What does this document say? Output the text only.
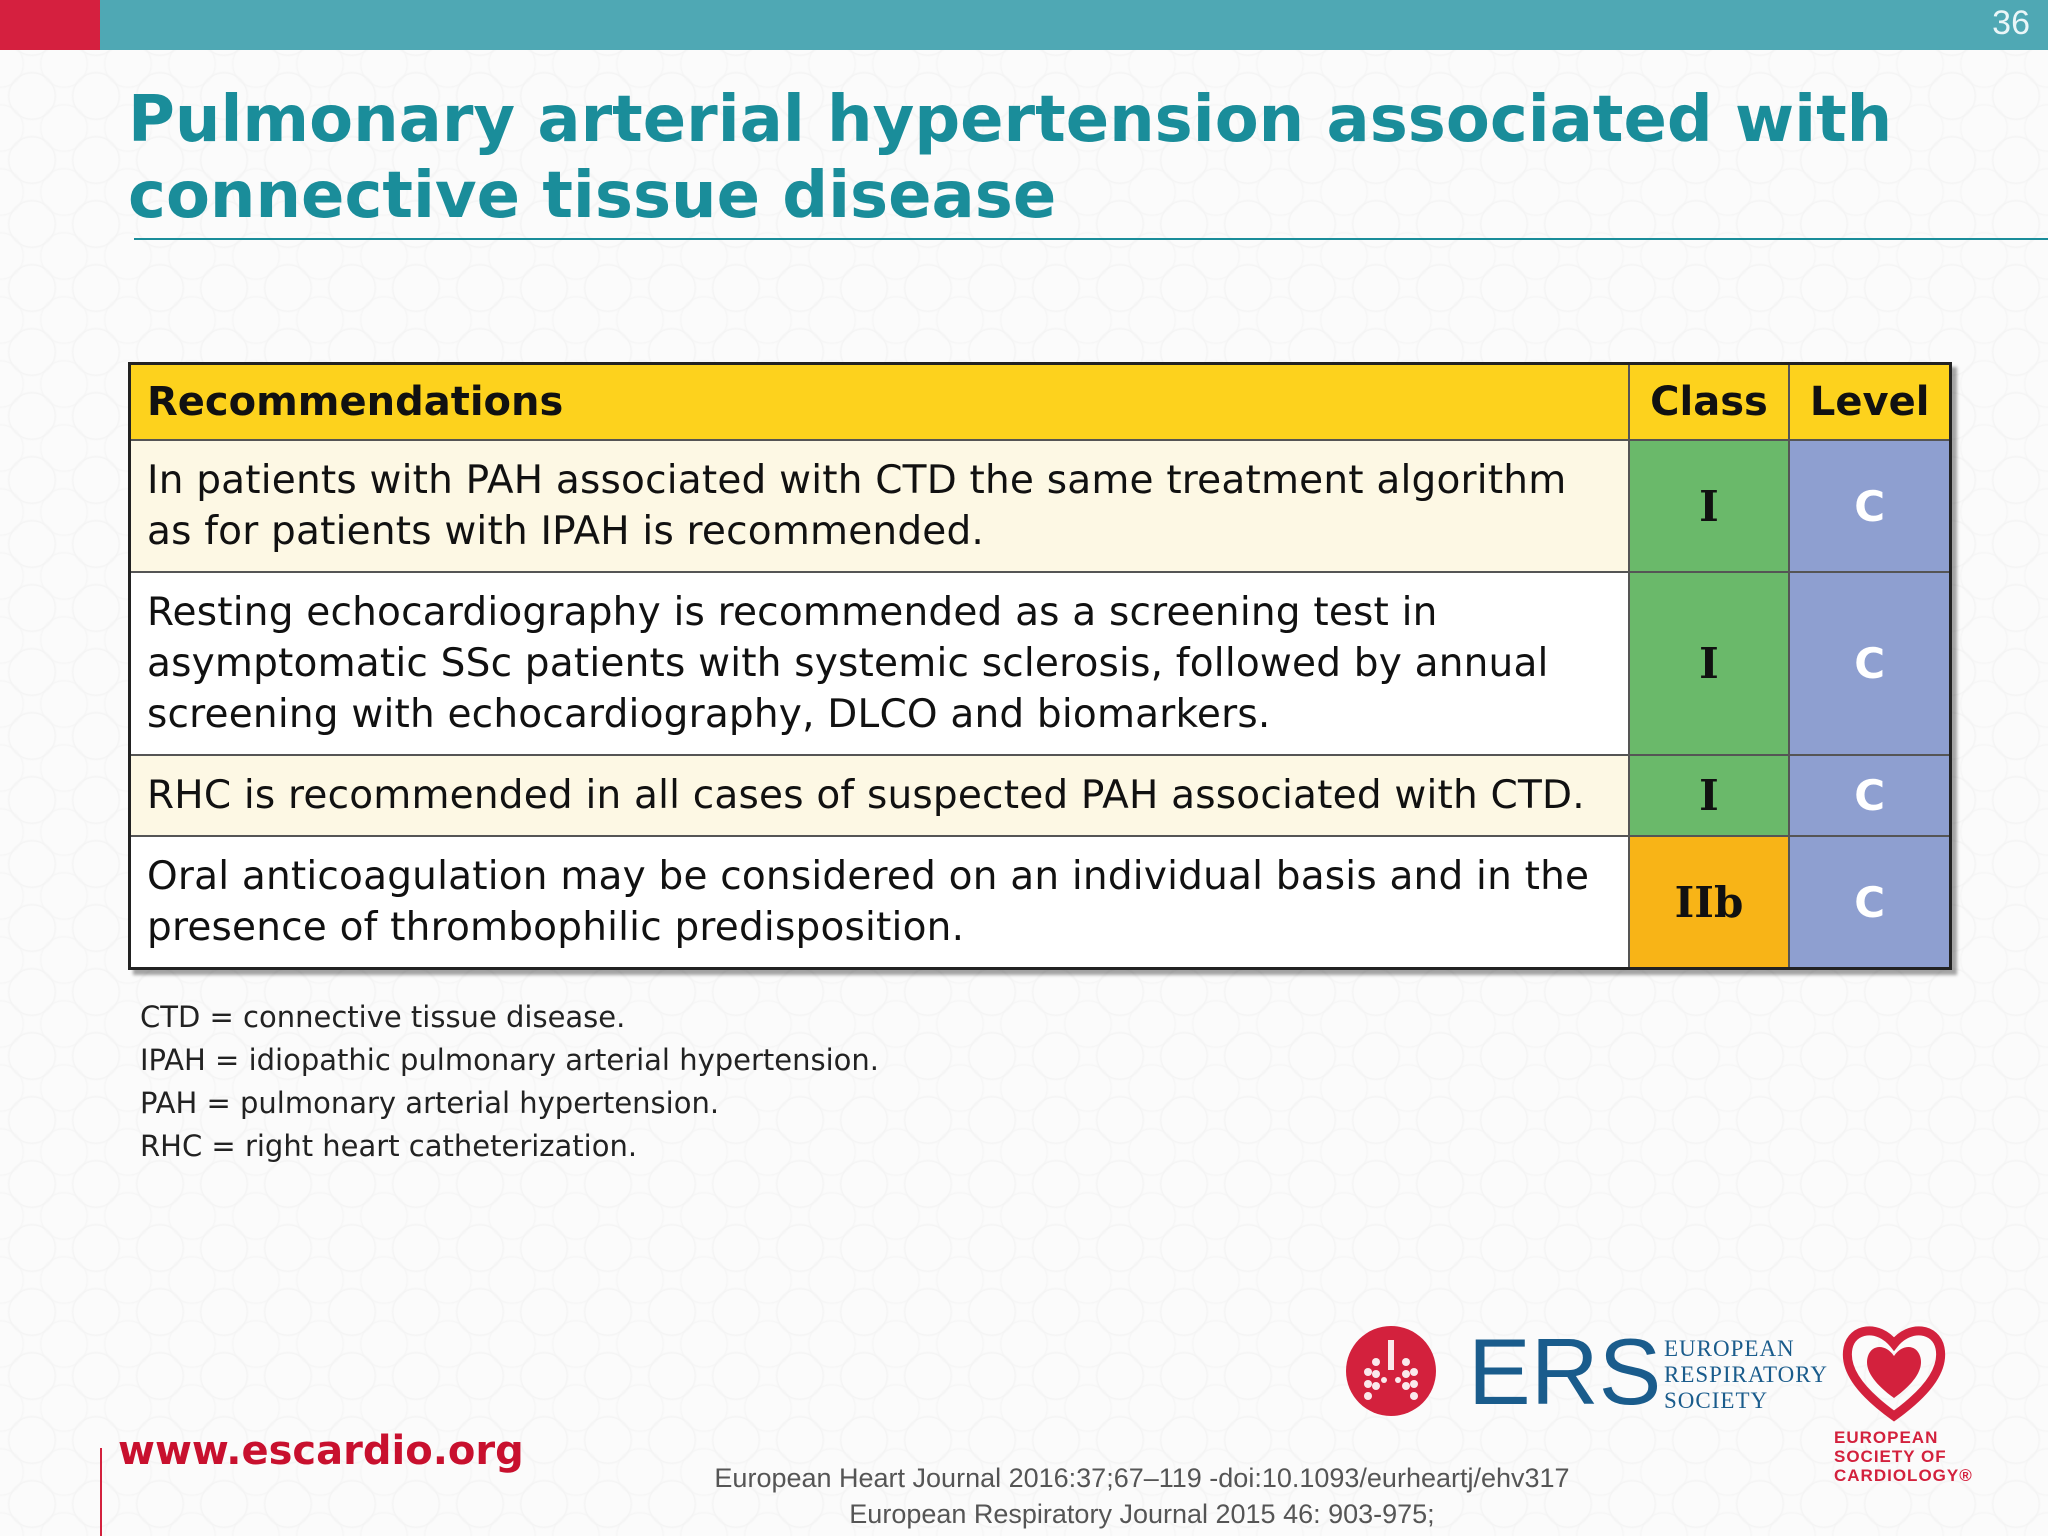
36
Pulmonary arterial hypertension associated with
connective tissue disease
Recommendations	Class	Level

In patients with PAH associated with CTD the same treatment algorithm
as for patients with IPAH is recommended.	I	C

Resting echocardiography is recommended as a screening test in
asymptomatic SSc patients with systemic sclerosis, followed by annual
screening with echocardiography, DLCO and biomarkers.	I	C

RHC is recommended in all cases of suspected PAH associated with CTD.	I	C

Oral anticoagulation may be considered on an individual basis and in the
presence of thrombophilic predisposition.	IIb	C
CTD = connective tissue disease.
IPAH = idiopathic pulmonary arterial hypertension.
PAH = pulmonary arterial hypertension.
RHC = right heart catheterization.
ERS EUROPEAN
RESPIRATORY
SOCIETY
EUROPEAN
SOCIETY OF
CARDIOLOGY®
www.escardio.org
European Heart Journal 2016:37;67–119 -doi:10.1093/eurheartj/ehv317
European Respiratory Journal 2015 46: 903-975;
